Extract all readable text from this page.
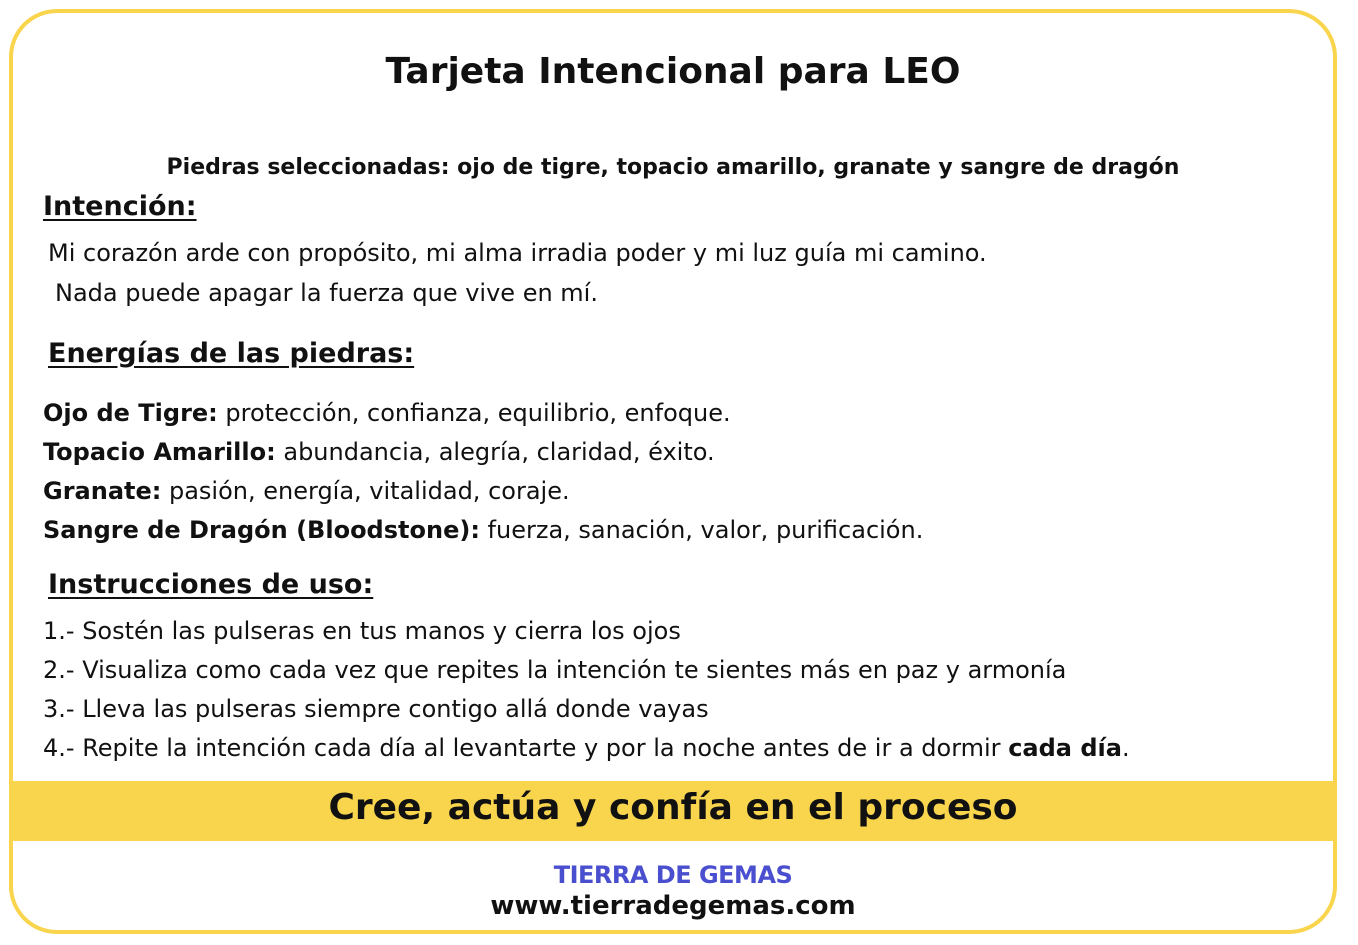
Tarjeta Intencional para LEO

Piedras seleccionadas: ojo de tigre, topacio amarillo, granate y sangre de dragón

Intención:

Mi corazón arde con propósito, mi alma irradia poder y mi luz guía mi camino.

Nada puede apagar la fuerza que vive en mí.

Energías de las piedras:

Ojo de Tigre: protección, confianza, equilibrio, enfoque.

Topacio Amarillo: abundancia, alegría, claridad, éxito.

Granate: pasión, energía, vitalidad, coraje.

Sangre de Dragón (Bloodstone): fuerza, sanación, valor, purificación.

Instrucciones de uso:

1.- Sostén las pulseras en tus manos y cierra los ojos

2.- Visualiza como cada vez que repites la intención te sientes más en paz y armonía

3.- Lleva las pulseras siempre contigo allá donde vayas

4.- Repite la intención cada día al levantarte y por la noche antes de ir a dormir cada día.

Cree, actúa y confía en el proceso
TIERRA DE GEMAS
www.tierradegemas.com
